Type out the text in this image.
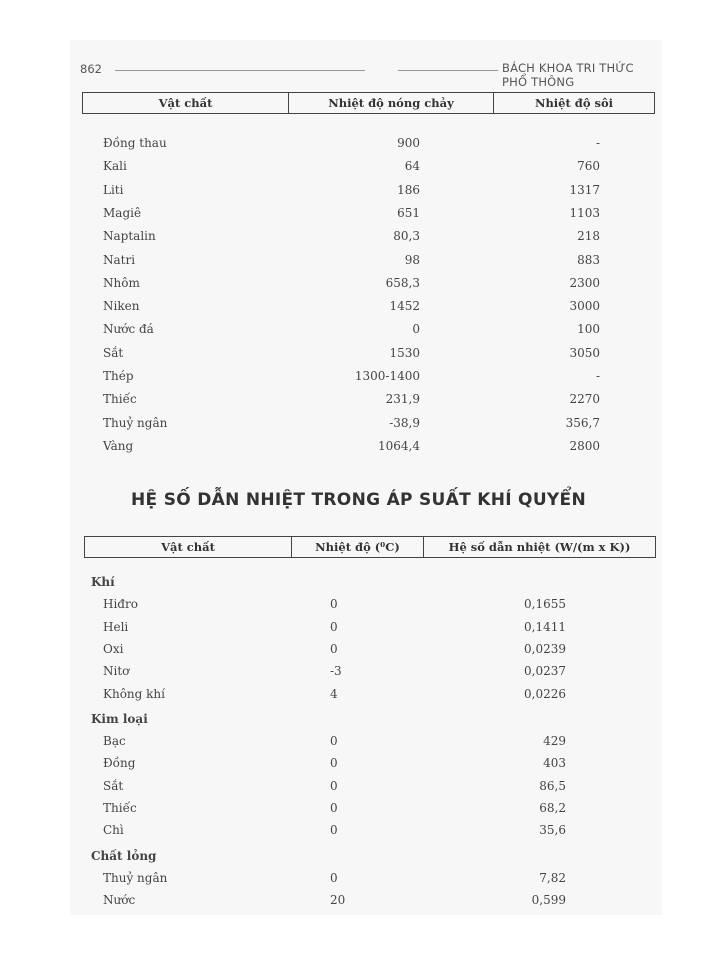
862	BÁCH KHOA TRI THỨC PHỔ THÔNG
Vật chất	Nhiệt độ nóng chảy	Nhiệt độ sôi
Đồng thau	900	-
Kali	64	760
Liti	186	1317
Magiê	651	1103
Naptalin	80,3	218
Natri	98	883
Nhôm	658,3	2300
Niken	1452	3000
Nước đá	0	100
Sắt	1530	3050
Thép	1300-1400	-
Thiếc	231,9	2270
Thuỷ ngân	-38,9	356,7
Vàng	1064,4	2800
HỆ SỐ DẪN NHIỆT TRONG ÁP SUẤT KHÍ QUYỂN
Vật chất	Nhiệt độ (⁰C)	Hệ số dẫn nhiệt (W/(m x K))
Khí
Hiđro	0	0,1655
Heli	0	0,1411
Oxi	0	0,0239
Nitơ	-3	0,0237
Không khí	4	0,0226
Kim loại
Bạc	0	429
Đồng	0	403
Sắt	0	86,5
Thiếc	0	68,2
Chì	0	35,6
Chất lỏng
Thuỷ ngân	0	7,82
Nước	20	0,599
